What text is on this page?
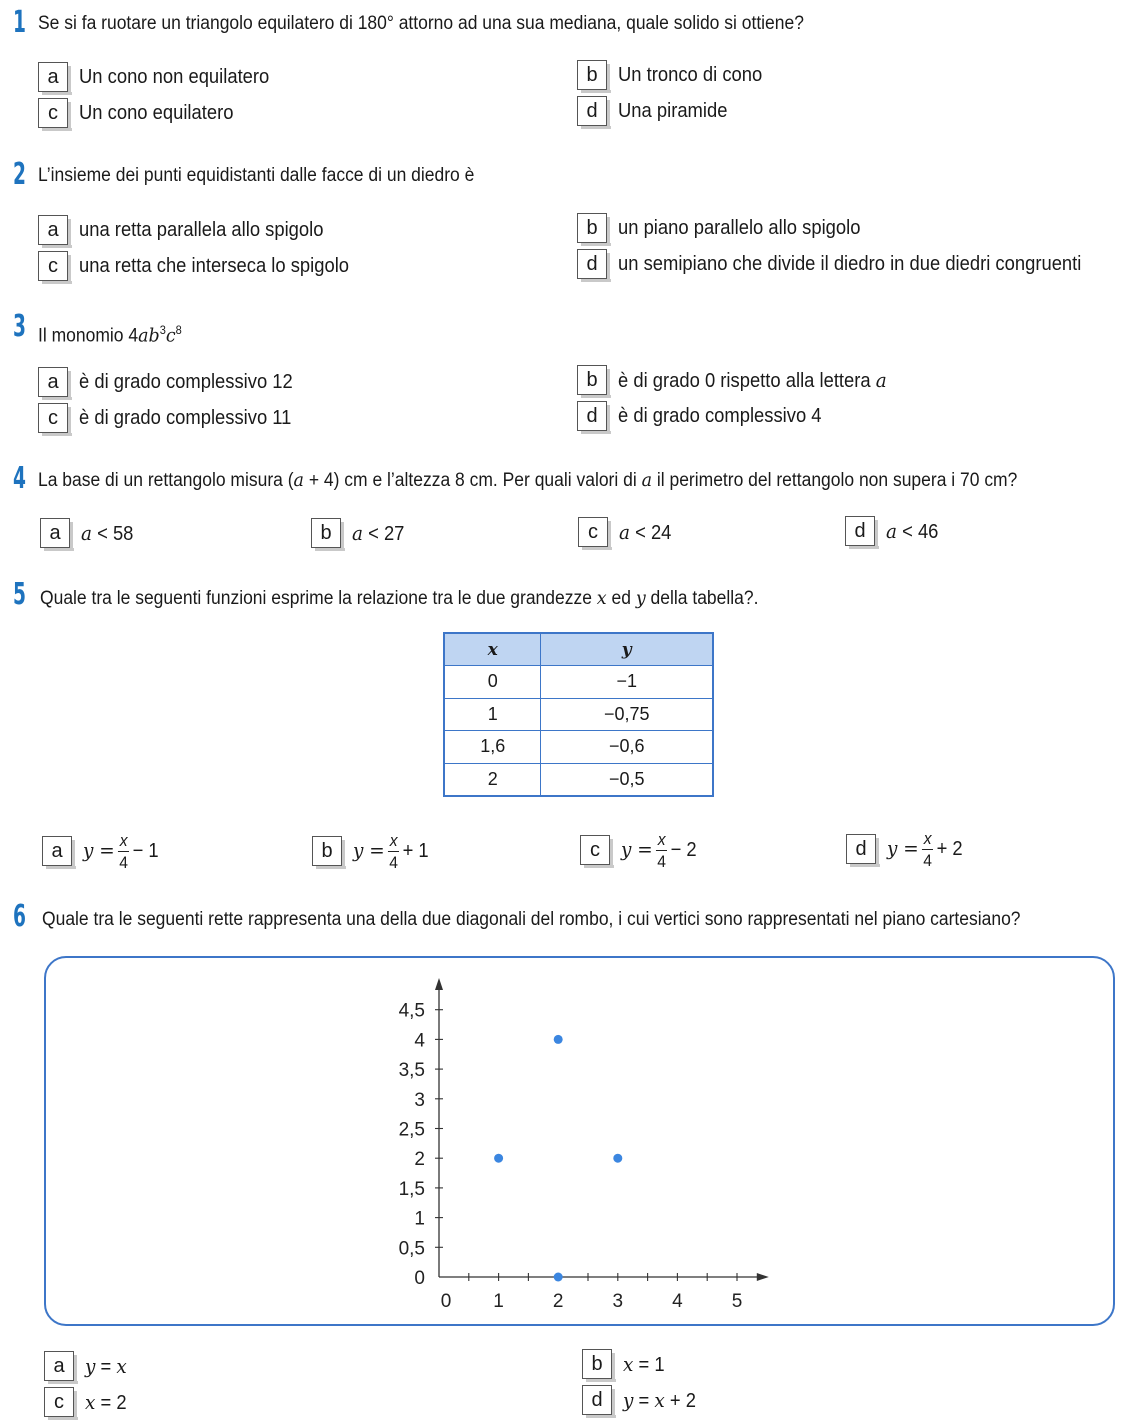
1 Se si fa ruotare un triangolo equilatero di 180° attorno ad una sua mediana, quale solido si ottiene?
a	Un cono non equilatero	b	Un tronco di cono
c	Un cono equilatero	d	Una piramide
2 L’insieme dei punti equidistanti dalle facce di un diedro è
a	una retta parallela allo spigolo	b	un piano parallelo allo spigolo
c	una retta che interseca lo spigolo	d	un semipiano che divide il diedro in due diedri congruenti
3 Il monomio $4ab^3c^8$
a	è di grado complessivo 12	b	è di grado 0 rispetto alla lettera a
c	è di grado complessivo 11	d	è di grado complessivo 4
4 La base di un rettangolo misura (a + 4) cm e l’altezza 8 cm. Per quali valori di a il perimetro del rettangolo non supera i 70 cm?
a	a < 58	b	a < 27	c	a < 24	d	a < 46
5 Quale tra le seguenti funzioni esprime la relazione tra le due grandezze x ed y della tabella?.
x	y
0	−1
1	−0,75
1,6	−0,6
2	−0,5
a	$y = \frac{x}{4} - 1$	b	$y = \frac{x}{4} + 1$	c	$y = \frac{x}{4} - 2$	d	$y = \frac{x}{4} + 2$
6 Quale tra le seguenti rette rappresenta una della due diagonali del rombo, i cui vertici sono rappresentati nel piano cartesiano?
0 1	2	3	4	5
0
0,5
1
1,5
2
2,5
3
3,5
4
4,5
a	y = x	b	x = 1
c	x = 2	d	y = x + 2
